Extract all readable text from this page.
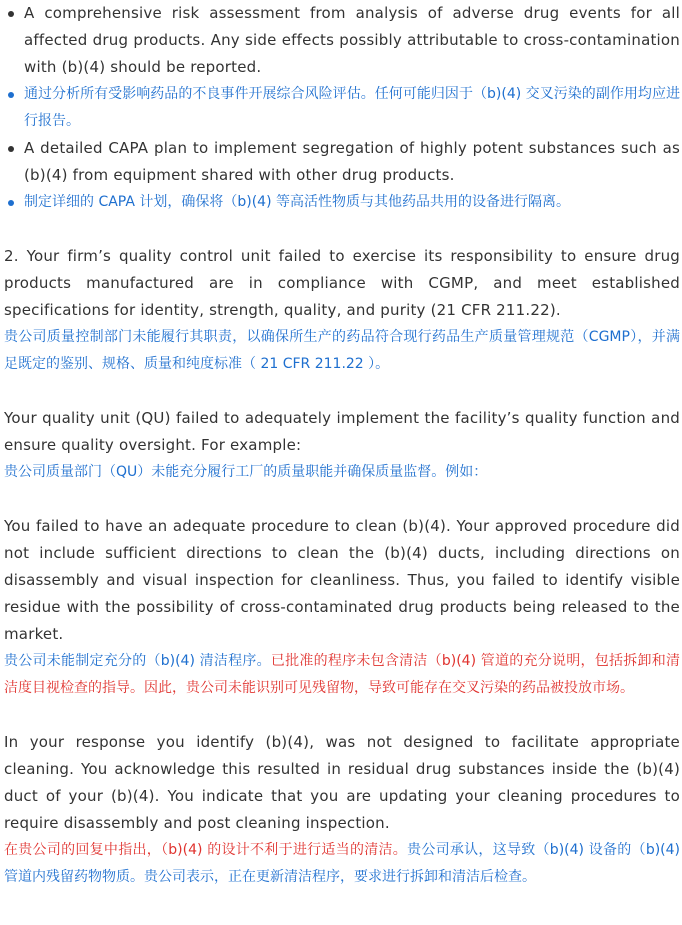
A comprehensive risk assessment from analysis of adverse drug events for all affected drug products. Any side effects possibly attributable to cross-contamination with (b)(4) should be reported.

通过分析所有受影响药品的不良事件开展综合风险评估。任何可能归因于（b)(4) 交叉污染的副作用均应进行报告。

A detailed CAPA plan to implement segregation of highly potent substances such as (b)(4) from equipment shared with other drug products.

制定详细的 CAPA 计划，确保将（b)(4) 等高活性物质与其他药品共用的设备进行隔离。

2. Your firm’s quality control unit failed to exercise its responsibility to ensure drug products manufactured are in compliance with CGMP, and meet established specifications for identity, strength, quality, and purity (21 CFR 211.22).

贵公司质量控制部门未能履行其职责，以确保所生产的药品符合现行药品生产质量管理规范（CGMP），并满足既定的鉴别、规格、质量和纯度标准（ 21 CFR 211.22 ）。

Your quality unit (QU) failed to adequately implement the facility’s quality function and ensure quality oversight. For example:

贵公司质量部门（QU）未能充分履行工厂的质量职能并确保质量监督。例如：

You failed to have an adequate procedure to clean (b)(4). Your approved procedure did not include sufficient directions to clean the (b)(4) ducts, including directions on disassembly and visual inspection for cleanliness. Thus, you failed to identify visible residue with the possibility of cross-contaminated drug products being released to the market.

贵公司未能制定充分的（b)(4) 清洁程序。已批准的程序未包含清洁（b)(4) 管道的充分说明，包括拆卸和清洁度目视检查的指导。因此，贵公司未能识别可见残留物，导致可能存在交叉污染的药品被投放市场。

In your response you identify (b)(4), was not designed to facilitate appropriate cleaning. You acknowledge this resulted in residual drug substances inside the (b)(4) duct of your (b)(4). You indicate that you are updating your cleaning procedures to require disassembly and post cleaning inspection.

在贵公司的回复中指出，（b)(4) 的设计不利于进行适当的清洁。贵公司承认，这导致（b)(4) 设备的（b)(4) 管道内残留药物物质。贵公司表示，正在更新清洁程序，要求进行拆卸和清洁后检查。
